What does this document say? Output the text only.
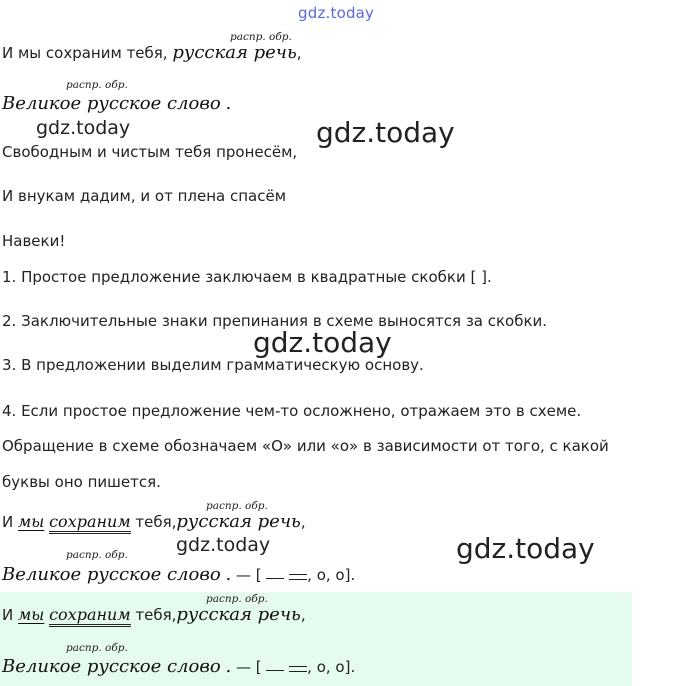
gdz.today
распр. обр.
И мы сохраним тебя, русская речь,
распр. обр.
Великое русское слово .
gdz.today	gdz.today
Свободным и чистым тебя пронесём,
И внукам дадим, и от плена спасём
Навеки!
1. Простое предложение заключаем в квадратные скобки [ ].
2. Заключительные знаки препинания в схеме выносятся за скобки.
gdz.today
3. В предложении выделим грамматическую основу.
4. Если простое предложение чем-то осложнено, отражаем это в схеме.
Обращение в схеме обозначаем «О» или «о» в зависимости от того, с какой
буквы оно пишется.
распр. обр.
И мы сохраним тебя,русская речь,
gdz.today	gdz.today
распр. обр.
Великое русское слово . — [	, о, о].
распр. обр.
И мы сохраним тебя,русская речь,
распр. обр.
Великое русское слово . — [	, о, о].
